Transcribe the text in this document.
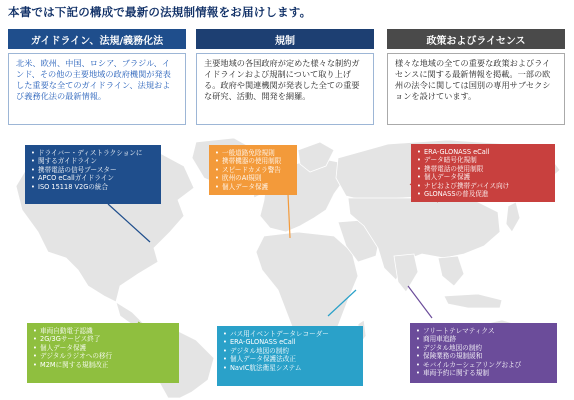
本書では下記の構成で最新の法規制情報をお届けします。
ガイドライン、法規/義務化法	規制	政策およびライセンス
北米、欧州、中国、ロシア、ブラジル、インド、その他の主要地域の政府機関が発表した重要な全てのガイドライン、法規および義務化法の最新情報。
主要地域の各国政府が定めた様々な制約ガイドラインおよび規制について取り上げる。政府や関連機関が発表した全ての重要な研究、活動、開発を網羅。
様々な地域の全ての重要な政策およびライセンスに関する最新情報を掲載。一部の欧州の法令に関しては国別の専用サブセクションを設けています。
• ドライバー・ディストラクションに
• 関するガイドライン
• 携帯電話の信号ブースター
• APCO eCallガイドライン
• ISO 15118 V2Gの統合
• 一般道路免除規則
• 携帯機器の使用制限
• スピードカメラ警告
• 欧州のAI規則
• 個人データ保護
• ERA-GLONASS eCall
• データ暗号化規制
• 携帯電話の使用制限
• 個人データ保護
• ナビおよび携帯デバイス向け
• GLONASSの普及促進
• 車両自動電子認識
• 2G/3Gサービス終了
• 個人データ保護
• デジタルラジオへの移行
• M2Mに関する規制改正
• バス用イベントデータレコーダー
• ERA-GLONASS eCall
• デジタル地図の制約
• 個人データ保護法改正
• NavIC航法衛星システム
• フリートテレマティクス
• 商用車追跡
• デジタル地図の制約
• 保険業務の規制緩和
• モバイルカーシェアリングおよび
• 車両予約に関する規制
